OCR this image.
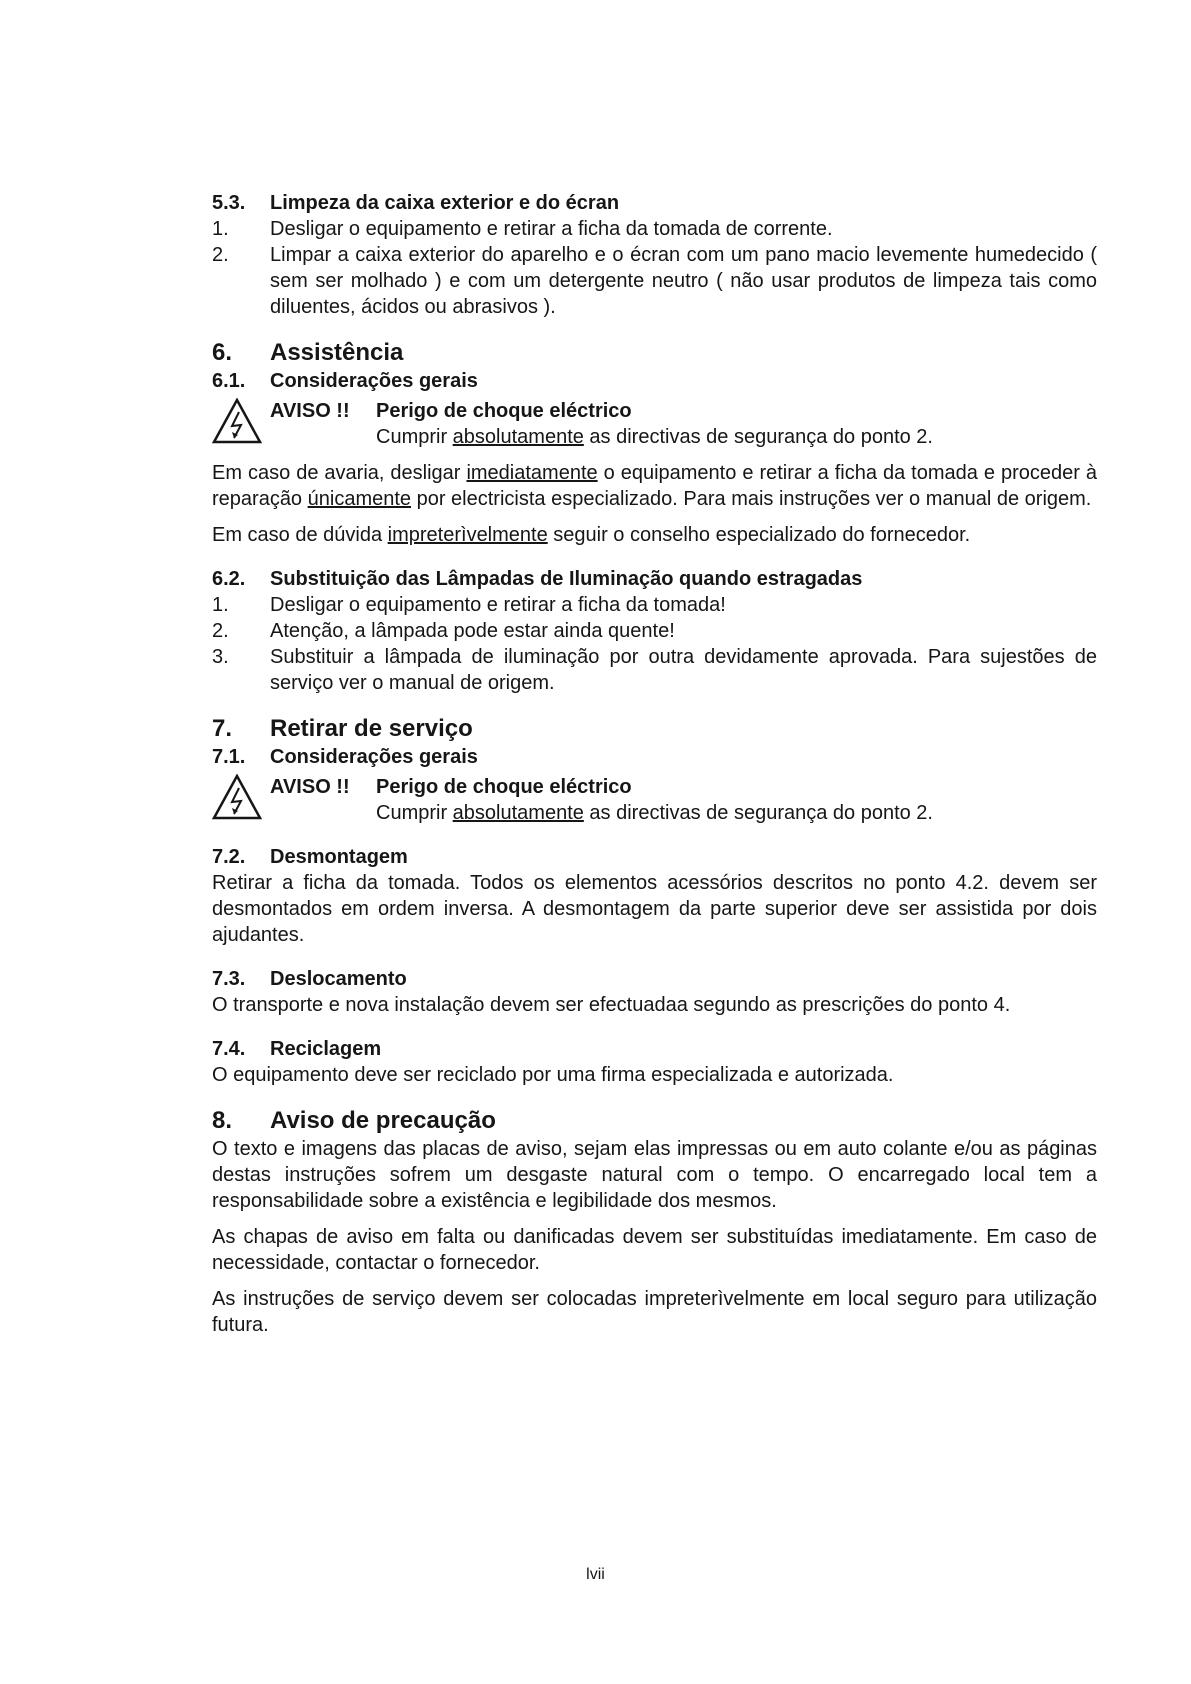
5.3.	Limpeza da caixa exterior e do écran
1.	Desligar o equipamento e retirar a ficha da tomada de corrente.
2.	Limpar a caixa exterior do aparelho e o écran com um pano macio levemente humedecido ( sem ser molhado ) e com um detergente neutro ( não usar produtos de limpeza tais como diluentes, ácidos ou abrasivos ).
6.	Assistência
6.1.	Considerações gerais
AVISO !!	Perigo de choque eléctrico
Cumprir absolutamente as directivas de segurança do ponto 2.

Em caso de avaria, desligar imediatamente o equipamento e retirar a ficha da tomada e proceder à reparação únicamente por electricista especializado. Para mais instruções ver o manual de origem.

Em caso de dúvida impreterìvelmente seguir o conselho especializado do fornecedor.

6.2.	Substituição das Lâmpadas de Iluminação quando estragadas
1.	Desligar o equipamento e retirar a ficha da tomada!
2.	Atenção, a lâmpada pode estar ainda quente!
3.	Substituir a lâmpada de iluminação por outra devidamente aprovada. Para sujestões de serviço ver o manual de origem.
7.	Retirar de serviço
7.1.	Considerações gerais
AVISO !!	Perigo de choque eléctrico
Cumprir absolutamente as directivas de segurança do ponto 2.
7.2.	Desmontagem

Retirar a ficha da tomada. Todos os elementos acessórios descritos no ponto 4.2. devem ser desmontados em ordem inversa. A desmontagem da parte superior deve ser assistida por dois ajudantes.

7.3.	Deslocamento

O transporte e nova instalação devem ser efectuadaa segundo as prescrições do ponto 4.

7.4.	Reciclagem

O equipamento deve ser reciclado por uma firma especializada e autorizada.

8.	Aviso de precaução

O texto e imagens das placas de aviso, sejam elas impressas ou em auto colante e/ou as páginas destas instruções sofrem um desgaste natural com o tempo. O encarregado local tem a responsabilidade sobre a existência e legibilidade dos mesmos.

As chapas de aviso em falta ou danificadas devem ser substituídas imediatamente. Em caso de necessidade, contactar o fornecedor.

As instruções de serviço devem ser colocadas impreterìvelmente em local seguro para utilização futura.

lvii
